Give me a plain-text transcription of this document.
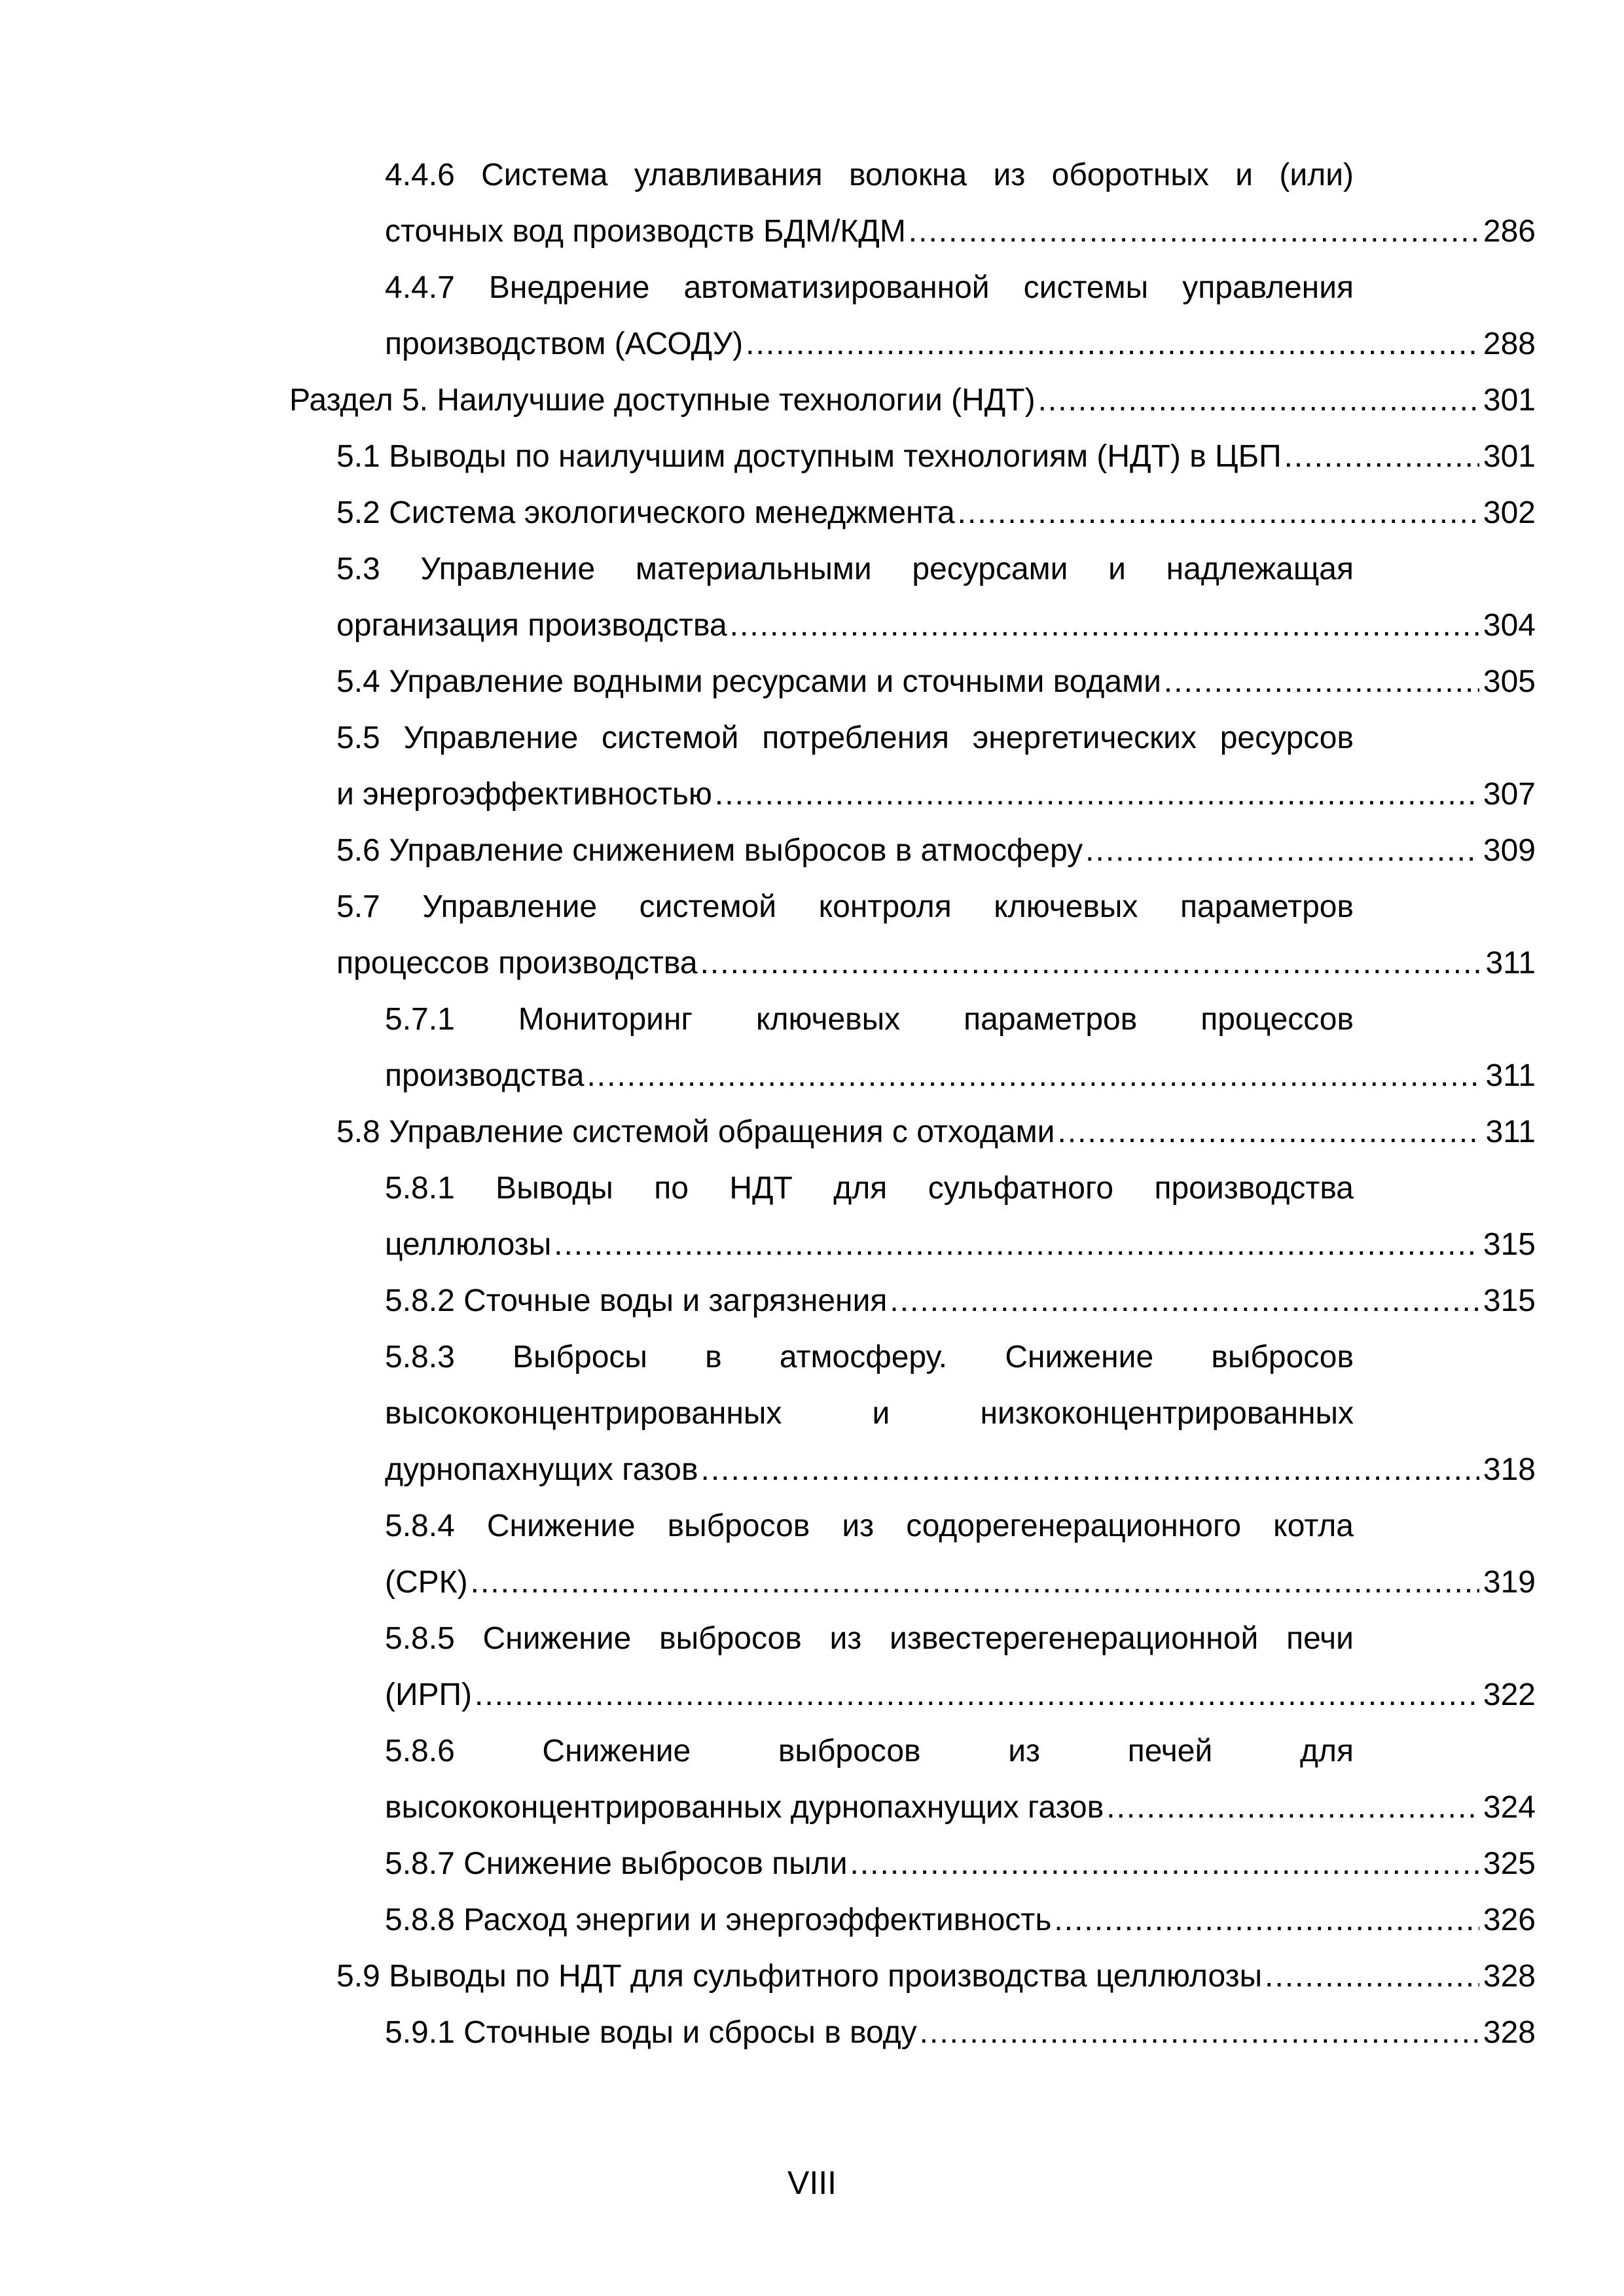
4.4.6 Система улавливания волокна из оборотных и (или)
сточных вод производств БДМ/КДМ .....	286
4.4.7 Внедрение автоматизированной системы управления
производством (АСОДУ) .....	288
Раздел 5. Наилучшие доступные технологии (НДТ) .....	301
5.1 Выводы по наилучшим доступным технологиям (НДТ) в ЦБП .....	301
5.2 Система экологического менеджмента .....	302
5.3 Управление материальными ресурсами и надлежащая
организация производства .....	304
5.4 Управление водными ресурсами и сточными водами .....	305
5.5 Управление системой потребления энергетических ресурсов
и энергоэффективностью .....	307
5.6 Управление снижением выбросов в атмосферу .....	309
5.7 Управление системой контроля ключевых параметров
процессов производства .....	311
5.7.1 Мониторинг ключевых параметров процессов
производства .....	311
5.8 Управление системой обращения с отходами .....	311
5.8.1 Выводы по НДТ для сульфатного производства
целлюлозы .....	315
5.8.2 Сточные воды и загрязнения .....	315
5.8.3 Выбросы в атмосферу. Снижение выбросов
высококонцентрированных и низкоконцентрированных
дурнопахнущих газов .....	318
5.8.4 Снижение выбросов из содорегенерационного котла
(СРК) .....	319
5.8.5 Снижение выбросов из известерегенерационной печи
(ИРП) .....	322
5.8.6 Снижение выбросов из печей для
высококонцентрированных дурнопахнущих газов .....	324
5.8.7 Снижение выбросов пыли .....	325
5.8.8 Расход энергии и энергоэффективность .....	326
5.9 Выводы по НДТ для сульфитного производства целлюлозы .....	328
5.9.1 Сточные воды и сбросы в воду .....	328
VIII
